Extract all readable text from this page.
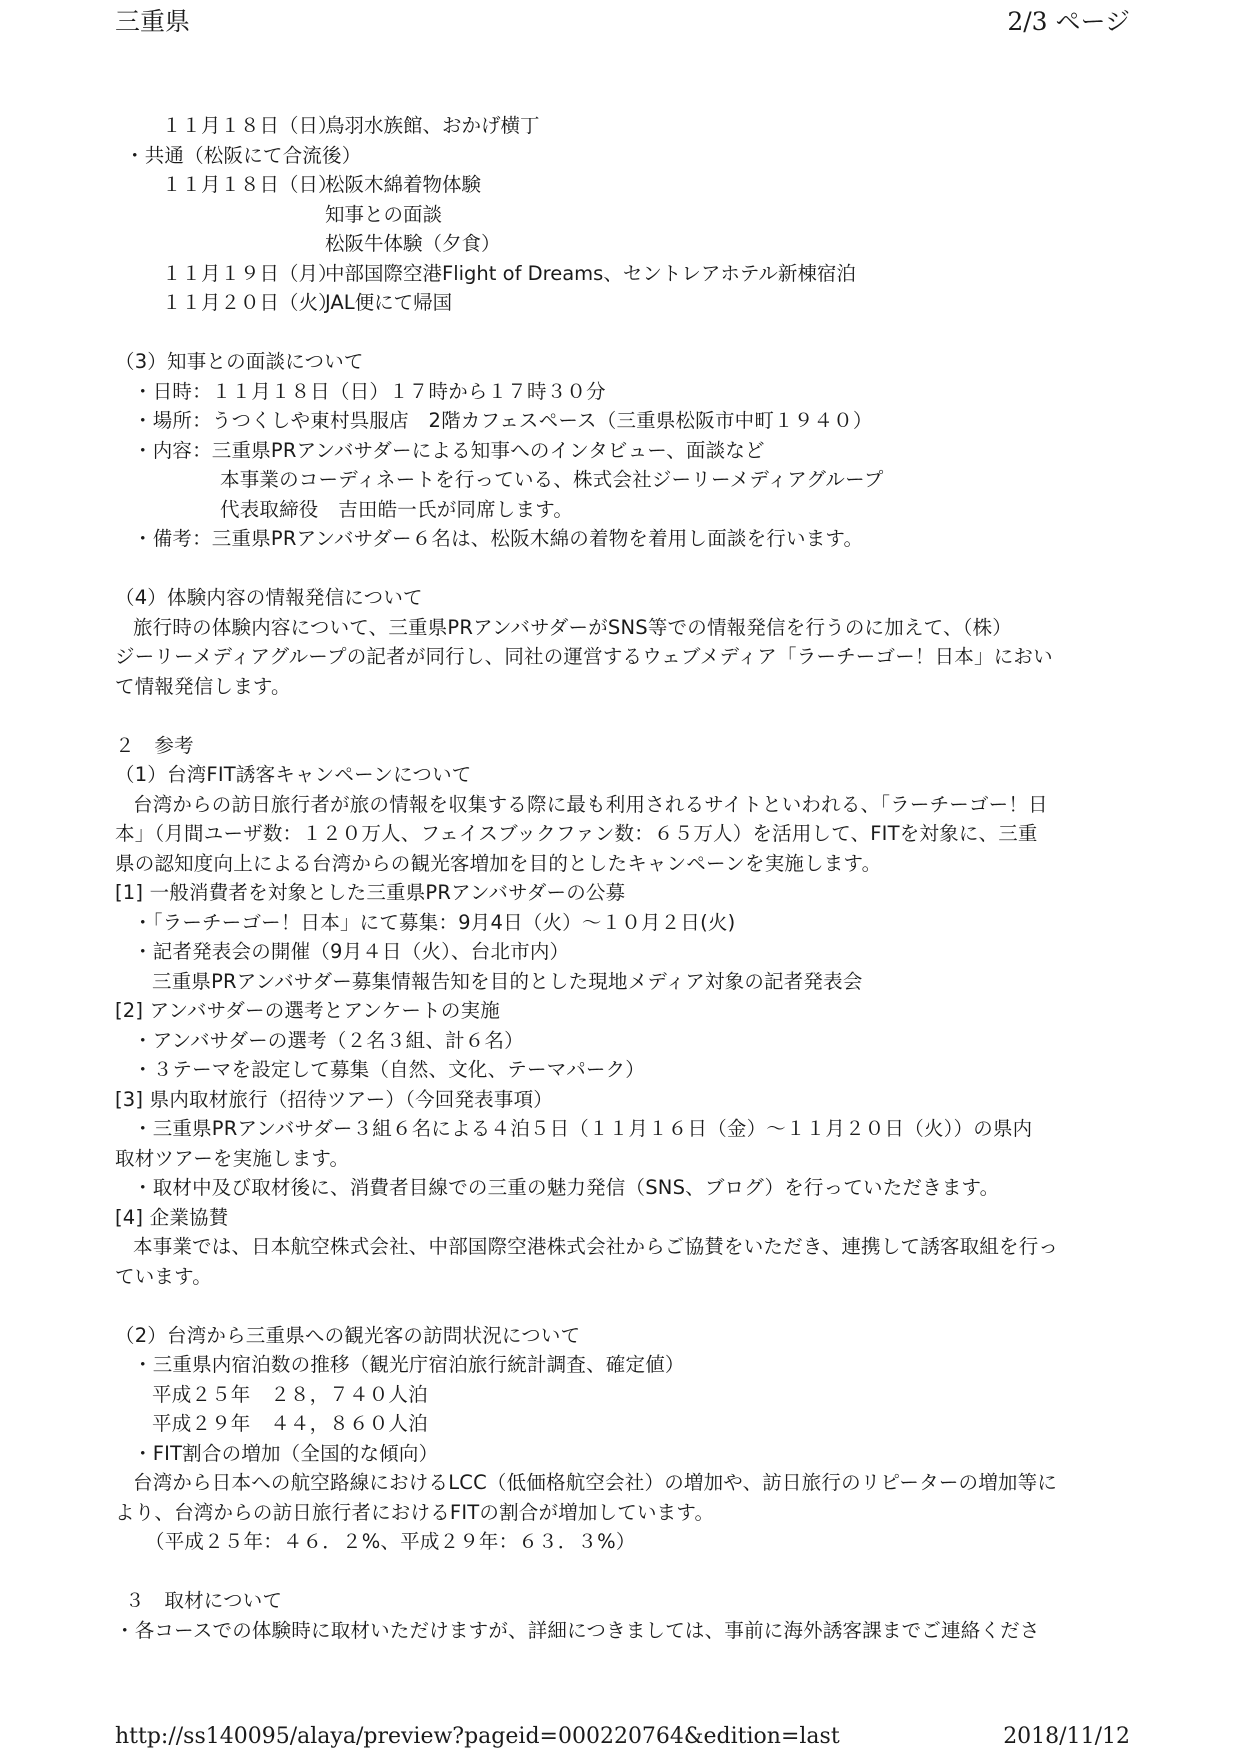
三重県	2/3 ページ
１１月１８日（日）
鳥羽水族館、おかげ横丁
・共通（松阪にて合流後）
１１月１８日（日）
松阪木綿着物体験
知事との面談
松阪牛体験（夕食）
１１月１９日（月）
中部国際空港Flight of Dreams、セントレアホテル新棟宿泊
１１月２０日（火）
JAL便にて帰国
（3）知事との面談について
・日時：１１月１８日（日）１７時から１７時３０分
・場所：うつくしや東村呉服店　2階カフェスペース（三重県松阪市中町１９４０）
・内容：三重県PRアンバサダーによる知事へのインタビュー、面談など
本事業のコーディネートを行っている、株式会社ジーリーメディアグループ
代表取締役　吉田皓一氏が同席します。
・備考：三重県PRアンバサダー６名は、松阪木綿の着物を着用し面談を行います。
（4）体験内容の情報発信について
旅行時の体験内容について、三重県PRアンバサダーがSNS等での情報発信を行うのに加えて、（株）
ジーリーメディアグループの記者が同行し、同社の運営するウェブメディア「ラーチーゴー！日本」におい
て情報発信します。
２　参考
（1）台湾FIT誘客キャンペーンについて
台湾からの訪日旅行者が旅の情報を収集する際に最も利用されるサイトといわれる、「ラーチーゴー！日
本」（月間ユーザ数：１２０万人、フェイスブックファン数：６５万人）を活用して、FITを対象に、三重
県の認知度向上による台湾からの観光客増加を目的としたキャンペーンを実施します。
[1] 一般消費者を対象とした三重県PRアンバサダーの公募
・「ラーチーゴー！日本」にて募集：9月4日（火）～１０月２日(火)
・記者発表会の開催（9月４日（火）、台北市内）
三重県PRアンバサダー募集情報告知を目的とした現地メディア対象の記者発表会
[2] アンバサダーの選考とアンケートの実施
・アンバサダーの選考（２名３組、計６名）
・３テーマを設定して募集（自然、文化、テーマパーク）
[3] 県内取材旅行（招待ツアー）（今回発表事項）
・三重県PRアンバサダー３組６名による４泊５日（１１月１６日（金）～１１月２０日（火））の県内
取材ツアーを実施します。
・取材中及び取材後に、消費者目線での三重の魅力発信（SNS、ブログ）を行っていただきます。
[4] 企業協賛
本事業では、日本航空株式会社、中部国際空港株式会社からご協賛をいただき、連携して誘客取組を行っ
ています。
（2）台湾から三重県への観光客の訪問状況について
・三重県内宿泊数の推移（観光庁宿泊旅行統計調査、確定値）
平成２５年　２８，７４０人泊
平成２９年　４４，８６０人泊
・FIT割合の増加（全国的な傾向）
台湾から日本への航空路線におけるLCC（低価格航空会社）の増加や、訪日旅行のリピーターの増加等に
より、台湾からの訪日旅行者におけるFITの割合が増加しています。
（平成２５年：４６．２%、平成２９年：６３．３%）
３　取材について
・各コースでの体験時に取材いただけますが、詳細につきましては、事前に海外誘客課までご連絡くださ
http://ss140095/alaya/preview?pageid=000220764&edition=last	2018/11/12
